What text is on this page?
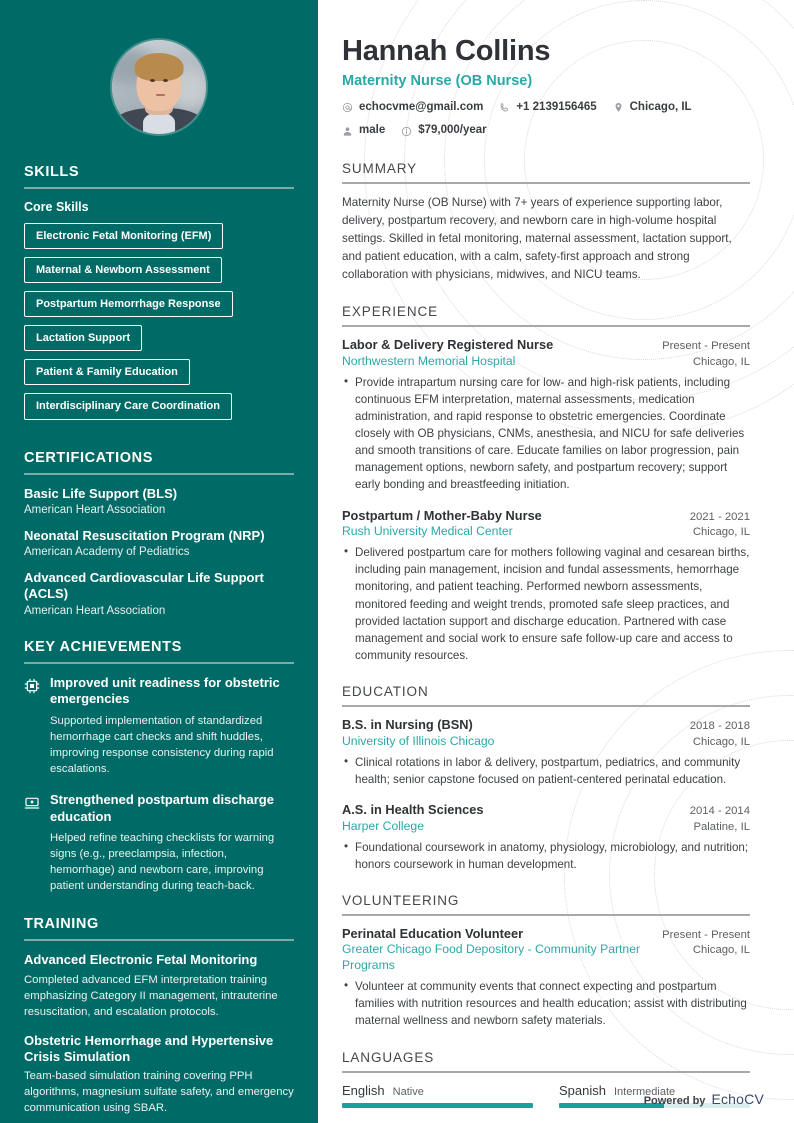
SKILLS
Core Skills
Electronic Fetal Monitoring (EFM)
Maternal & Newborn Assessment
Postpartum Hemorrhage Response
Lactation Support
Patient & Family Education
Interdisciplinary Care Coordination
CERTIFICATIONS
Basic Life Support (BLS)
American Heart Association
Neonatal Resuscitation Program (NRP)
American Academy of Pediatrics
Advanced Cardiovascular Life Support (ACLS)
American Heart Association
KEY ACHIEVEMENTS
Improved unit readiness for obstetric emergencies
Supported implementation of standardized hemorrhage cart checks and shift huddles, improving response consistency during rapid escalations.
Strengthened postpartum discharge education
Helped refine teaching checklists for warning signs (e.g., preeclampsia, infection, hemorrhage) and newborn care, improving patient understanding during teach-back.
TRAINING
Advanced Electronic Fetal Monitoring
Completed advanced EFM interpretation training emphasizing Category II management, intrauterine resuscitation, and escalation protocols.
Obstetric Hemorrhage and Hypertensive Crisis Simulation
Team-based simulation training covering PPH algorithms, magnesium sulfate safety, and emergency communication using SBAR.
Hannah Collins
Maternity Nurse (OB Nurse)
echocvme@gmail.com	+1 2139156465	Chicago, IL
male	$79,000/year
SUMMARY

Maternity Nurse (OB Nurse) with 7+ years of experience supporting labor, delivery, postpartum recovery, and newborn care in high-volume hospital settings. Skilled in fetal monitoring, maternal assessment, lactation support, and patient education, with a calm, safety-first approach and strong collaboration with physicians, midwives, and NICU teams.

EXPERIENCE
Labor & Delivery Registered Nurse	Present - Present
Northwestern Memorial Hospital	Chicago, IL
• Provide intrapartum nursing care for low- and high-risk patients, including continuous EFM interpretation, maternal assessments, medication administration, and rapid response to obstetric emergencies. Coordinate closely with OB physicians, CNMs, anesthesia, and NICU for safe deliveries and smooth transitions of care. Educate families on labor progression, pain management options, newborn safety, and postpartum recovery; support early bonding and breastfeeding initiation.
Postpartum / Mother-Baby Nurse	2021 - 2021
Rush University Medical Center	Chicago, IL
• Delivered postpartum care for mothers following vaginal and cesarean births, including pain management, incision and fundal assessments, hemorrhage monitoring, and patient teaching. Performed newborn assessments, monitored feeding and weight trends, promoted safe sleep practices, and provided lactation support and discharge education. Partnered with case management and social work to ensure safe follow-up care and access to community resources.
EDUCATION
B.S. in Nursing (BSN)	2018 - 2018
University of Illinois Chicago	Chicago, IL
• Clinical rotations in labor & delivery, postpartum, pediatrics, and community health; senior capstone focused on patient-centered perinatal education.
A.S. in Health Sciences	2014 - 2014
Harper College	Palatine, IL
• Foundational coursework in anatomy, physiology, microbiology, and nutrition; honors coursework in human development.
VOLUNTEERING
Perinatal Education Volunteer	Present - Present
Greater Chicago Food Depository - Community Partner Programs
Chicago, IL
• Volunteer at community events that connect expecting and postpartum families with nutrition resources and health education; assist with distributing maternal wellness and newborn safety materials.
LANGUAGES
English Native	Spanish Intermediate
Powered by EchoCV
